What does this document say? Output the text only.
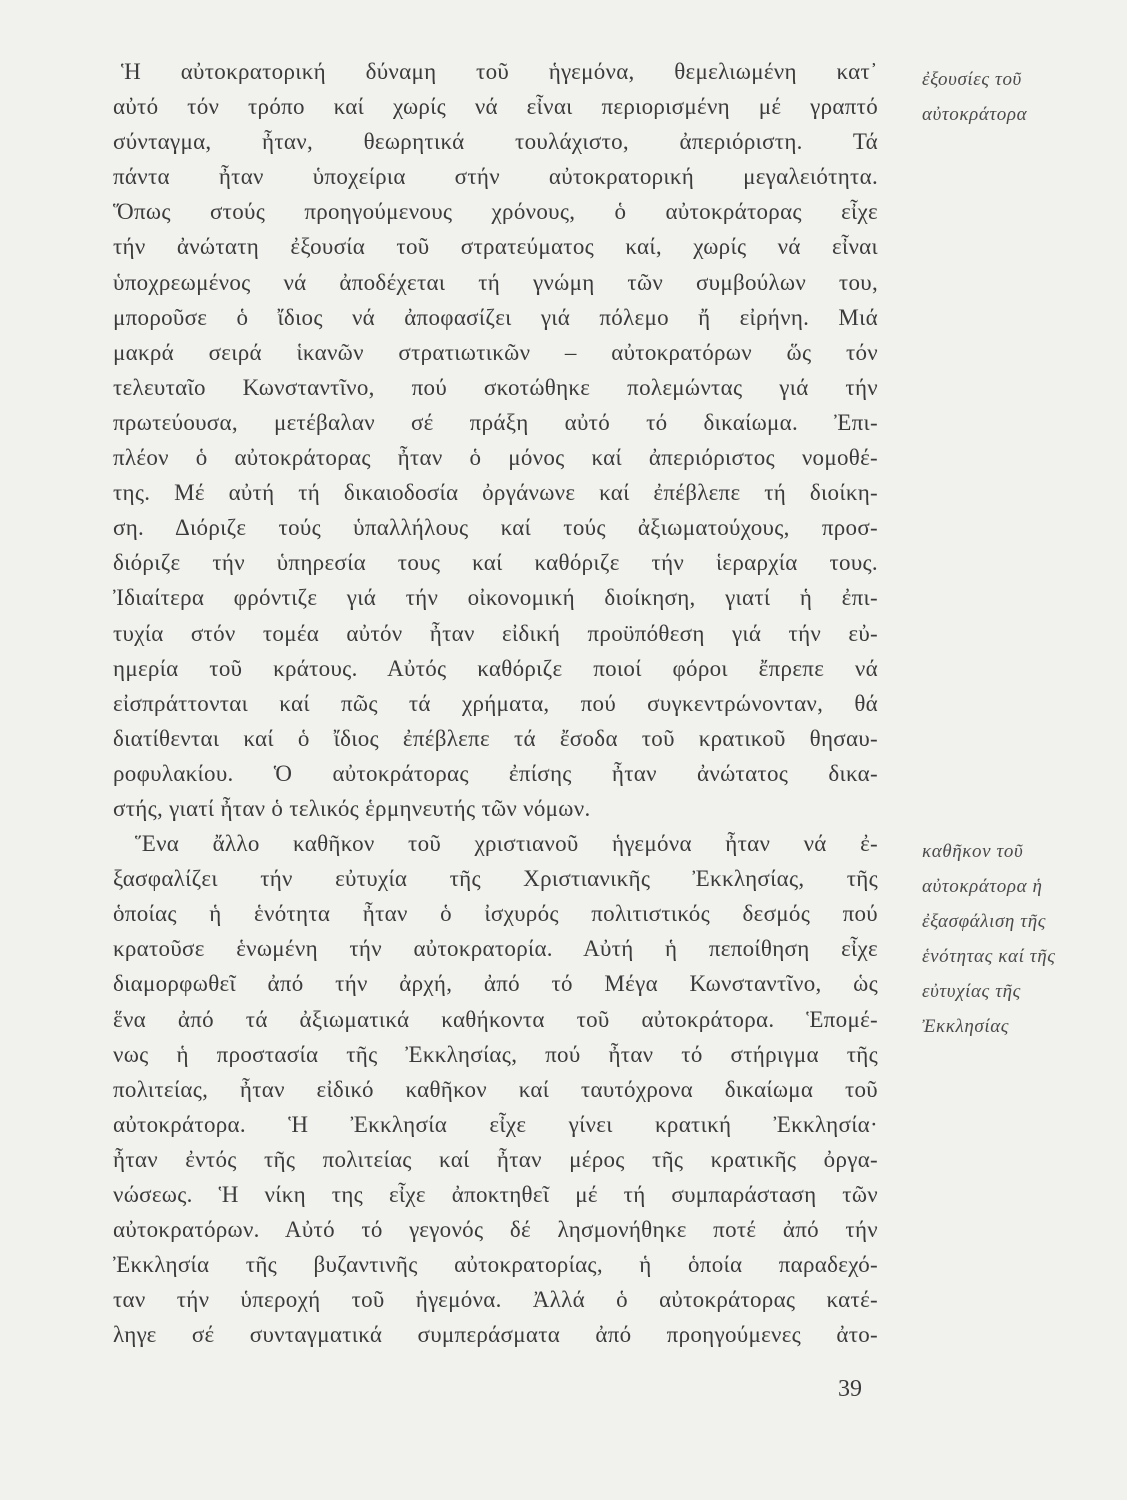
Ἡ αὐτοκρατορική δύναμη τοῦ ἡγεμόνα, θεμελιωμένη κατ᾽
αὐτό τόν τρόπο καί χωρίς νά εἶναι περιορισμένη μέ γραπτό
σύνταγμα, ἦταν, θεωρητικά τουλάχιστο, ἀπεριόριστη. Τά
πάντα ἦταν ὑποχείρια στήν αὐτοκρατορική μεγαλειότητα.
Ὅπως στούς προηγούμενους χρόνους, ὁ αὐτοκράτορας εἶχε
τήν ἀνώτατη ἐξουσία τοῦ στρατεύματος καί, χωρίς νά εἶναι
ὑποχρεωμένος νά ἀποδέχεται τή γνώμη τῶν συμβούλων του,
μποροῦσε ὁ ἴδιος νά ἀποφασίζει γιά πόλεμο ἤ εἰρήνη. Μιά
μακρά σειρά ἱκανῶν στρατιωτικῶν – αὐτοκρατόρων ὥς τόν
τελευταῖο Κωνσταντῖνο, πού σκοτώθηκε πολεμώντας γιά τήν
πρωτεύουσα, μετέβαλαν σέ πράξη αὐτό τό δικαίωμα. Ἐπι-
πλέον ὁ αὐτοκράτορας ἦταν ὁ μόνος καί ἀπεριόριστος νομοθέ-
της. Μέ αὐτή τή δικαιοδοσία ὀργάνωνε καί ἐπέβλεπε τή διοίκη-
ση. Διόριζε τούς ὑπαλλήλους καί τούς ἀξιωματούχους, προσ-
διόριζε τήν ὑπηρεσία τους καί καθόριζε τήν ἱεραρχία τους.
Ἰδιαίτερα φρόντιζε γιά τήν οἰκονομική διοίκηση, γιατί ἡ ἐπι-
τυχία στόν τομέα αὐτόν ἦταν εἰδική προϋπόθεση γιά τήν εὐ-
ημερία τοῦ κράτους. Αὐτός καθόριζε ποιοί φόροι ἔπρεπε νά
εἰσπράττονται καί πῶς τά χρήματα, πού συγκεντρώνονταν, θά
διατίθενται καί ὁ ἴδιος ἐπέβλεπε τά ἔσοδα τοῦ κρατικοῦ θησαυ-
ροφυλακίου. Ὁ αὐτοκράτορας ἐπίσης ἦταν ἀνώτατος δικα-
στής, γιατί ἦταν ὁ τελικός ἑρμηνευτής τῶν νόμων.
Ἕνα ἄλλο καθῆκον τοῦ χριστιανοῦ ἡγεμόνα ἦταν νά ἐ-
ξασφαλίζει τήν εὐτυχία τῆς Χριστιανικῆς Ἐκκλησίας, τῆς
ὁποίας ἡ ἑνότητα ἦταν ὁ ἰσχυρός πολιτιστικός δεσμός πού
κρατοῦσε ἑνωμένη τήν αὐτοκρατορία. Αὐτή ἡ πεποίθηση εἶχε
διαμορφωθεῖ ἀπό τήν ἀρχή, ἀπό τό Μέγα Κωνσταντῖνο, ὡς
ἕνα ἀπό τά ἀξιωματικά καθήκοντα τοῦ αὐτοκράτορα. Ἑπομέ-
νως ἡ προστασία τῆς Ἐκκλησίας, πού ἦταν τό στήριγμα τῆς
πολιτείας, ἦταν εἰδικό καθῆκον καί ταυτόχρονα δικαίωμα τοῦ
αὐτοκράτορα. Ἡ Ἐκκλησία εἶχε γίνει κρατική Ἐκκλησία·
ἦταν ἐντός τῆς πολιτείας καί ἦταν μέρος τῆς κρατικῆς ὀργα-
νώσεως. Ἡ νίκη της εἶχε ἀποκτηθεῖ μέ τή συμπαράσταση τῶν
αὐτοκρατόρων. Αὐτό τό γεγονός δέ λησμονήθηκε ποτέ ἀπό τήν
Ἐκκλησία τῆς βυζαντινῆς αὐτοκρατορίας, ἡ ὁποία παραδεχό-
ταν τήν ὑπεροχή τοῦ ἡγεμόνα. Ἀλλά ὁ αὐτοκράτορας κατέ-
ληγε σέ συνταγματικά συμπεράσματα ἀπό προηγούμενες ἀτο-
ἐξουσίες τοῦ
αὐτοκράτορα
καθῆκον τοῦ
αὐτοκράτορα ἡ
ἐξασφάλιση τῆς
ἑνότητας καί τῆς
εὐτυχίας τῆς
Ἐκκλησίας
39
